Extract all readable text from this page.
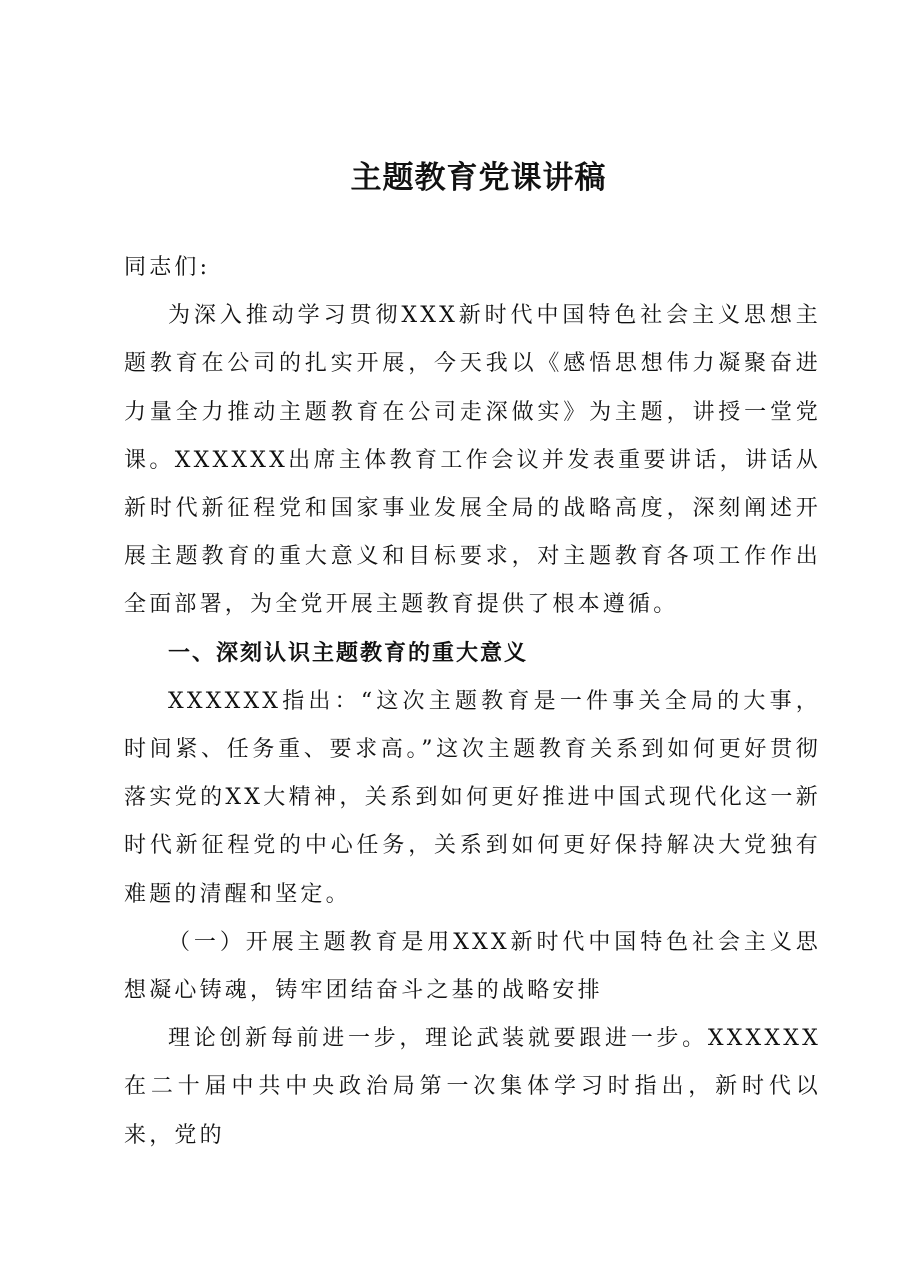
主题教育党课讲稿

同志们:

为深入推动学习贯彻XXX新时代中国特色社会主义思想主题教育在公司的扎实开展，今天我以《感悟思想伟力凝聚奋进力量全力推动主题教育在公司走深做实》为主题，讲授一堂党课。XXXXXX出席主体教育工作会议并发表重要讲话，讲话从新时代新征程党和国家事业发展全局的战略高度，深刻阐述开展主题教育的重大意义和目标要求，对主题教育各项工作作出全面部署，为全党开展主题教育提供了根本遵循。

一、深刻认识主题教育的重大意义

XXXXXX指出：“这次主题教育是一件事关全局的大事，时间紧、任务重、要求高。”这次主题教育关系到如何更好贯彻落实党的XX大精神，关系到如何更好推进中国式现代化这一新时代新征程党的中心任务，关系到如何更好保持解决大党独有难题的清醒和坚定。

（一）开展主题教育是用XXX新时代中国特色社会主义思想凝心铸魂，铸牢团结奋斗之基的战略安排

理论创新每前进一步，理论武装就要跟进一步。XXXXXX在二十届中共中央政治局第一次集体学习时指出，新时代以来，党的
